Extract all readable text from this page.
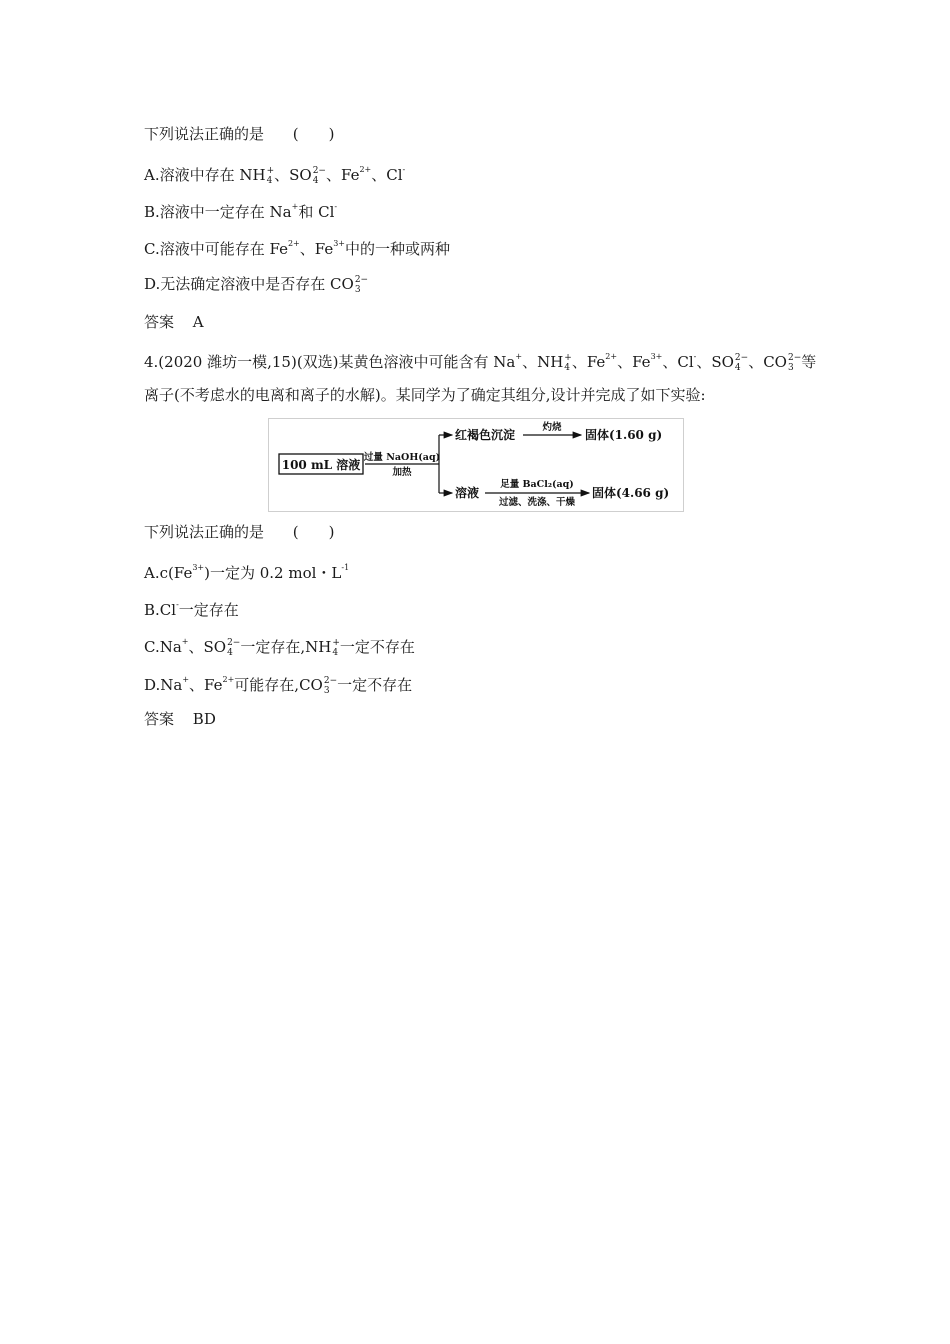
下列说法正确的是 (　　)
A.溶液中存在 NH +
4 、SO 2−
4 、$Fe^{2+}$、Cl-
B.溶液中一定存在 Na+和 Cl-
C.溶液中可能存在 $Fe^{2+}$、$Fe^{3+}$中的一种或两种
D.无法确定溶液中是否存在 CO 2−
3
答案 A
4.(2020 潍坊一模,15)(双选)某黄色溶液中可能含有 Na+、NH +
4 、$Fe^{2+}$、$Fe^{3+}$、Cl-、SO 2−
4 、CO 2−
3 等
离子(不考虑水的电离和离子的水解)。某同学为了确定其组分,设计并完成了如下实验:
100 mL 溶液
过量 NaOH(aq)
加热
红褐色沉淀
灼烧
固体(1.60 g)
溶液
足量 BaCl₂(aq)
过滤、洗涤、干燥
固体(4.66 g)
下列说法正确的是 (　　)
$A.c(Fe^{3+})$一定为 0.2 mol・$L^{-1}$
B.Cl-一定存在
C.Na+、SO 2−
4 一定存在,NH +
4 一定不存在
D.Na+、$Fe^{2+}$可能存在,CO 2−
3 一定不存在
答案 BD
